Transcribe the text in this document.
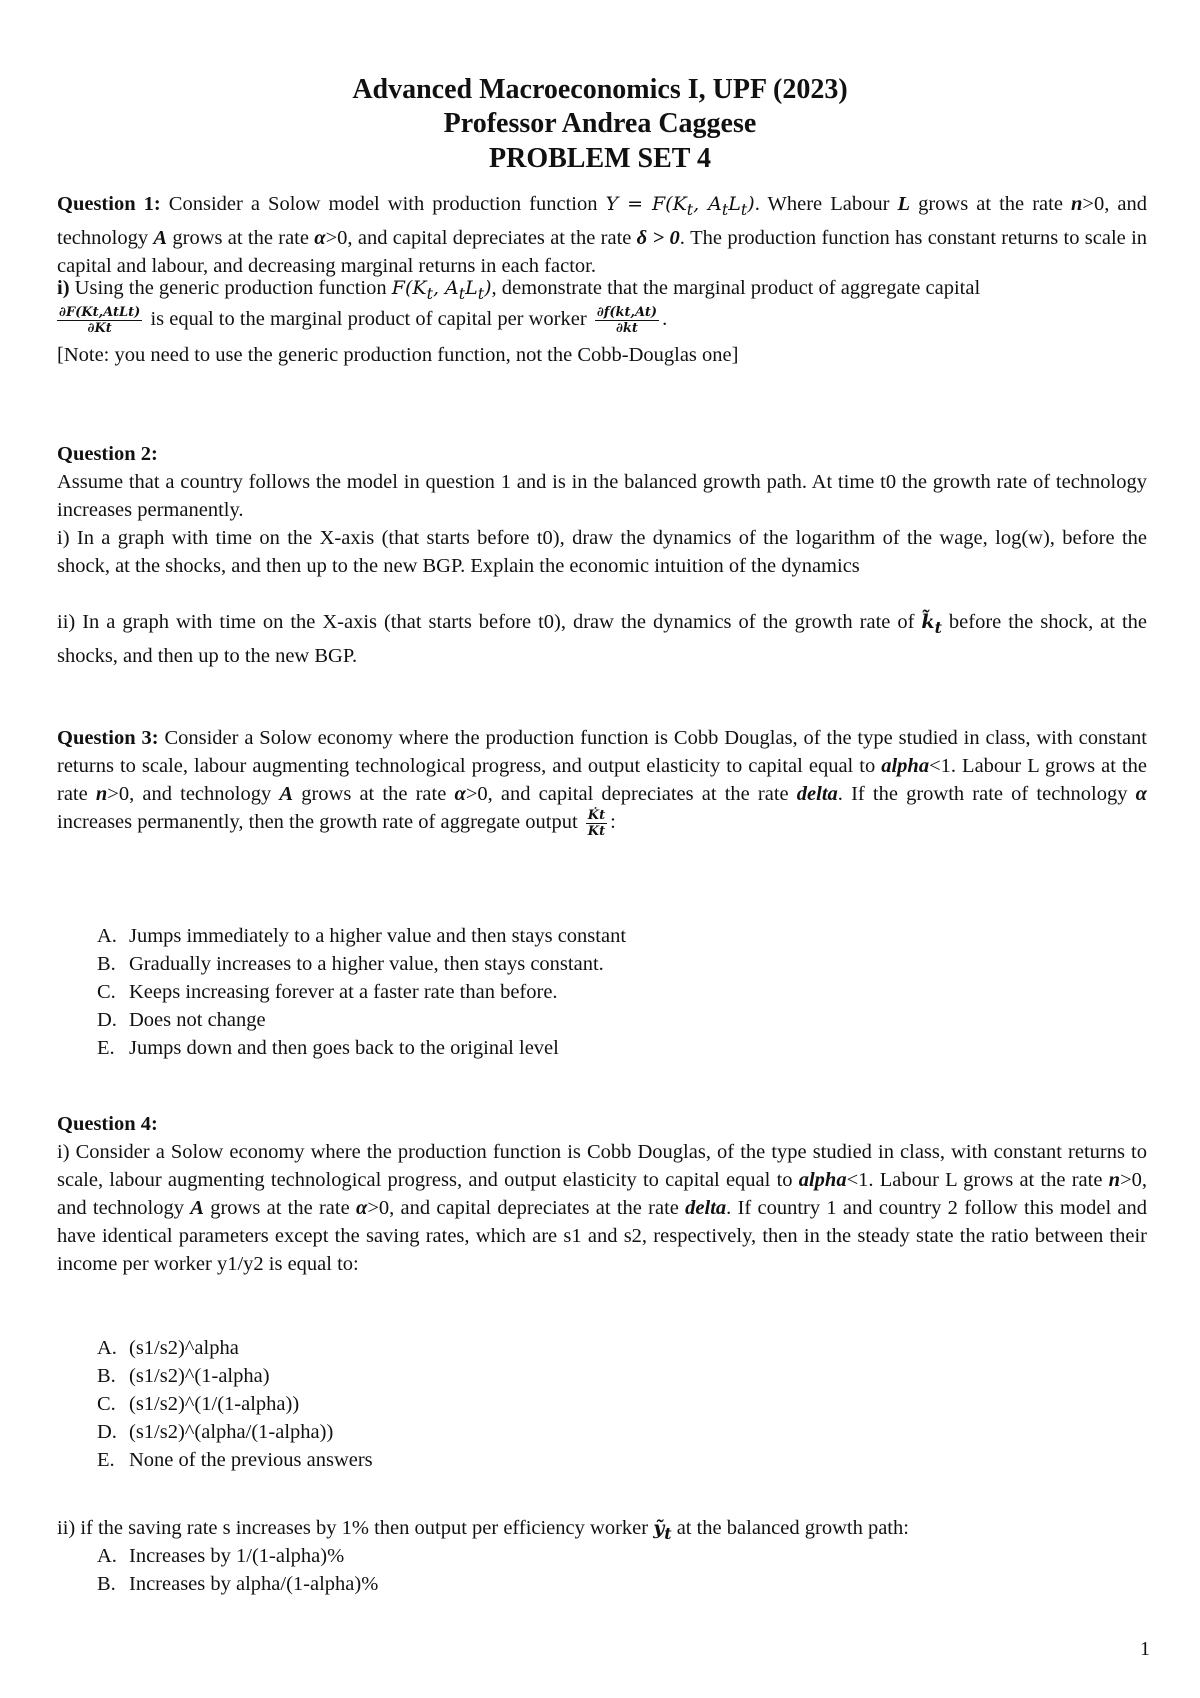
Advanced Macroeconomics I, UPF (2023)
Professor Andrea Caggese
PROBLEM SET 4
Question 1: Consider a Solow model with production function $Y = F(K_t$, $A_tL_t$). Where Labour L grows at the rate n>0, and technology A grows at the rate α>0, and capital depreciates at the rate δ > 0. The production function has constant returns to scale in capital and labour, and decreasing marginal returns in each factor.
i) Using the generic production function $F(K_t$, $A_tL_t$), demonstrate that the marginal product of aggregate capital
$\frac{\text{∂F(Kt,AtLt)}}{\partial Kt}$ is equal to the marginal product of capital per worker $\frac{\partial f(kt,At)}{\partial kt}$ .
[Note: you need to use the generic production function, not the Cobb-Douglas one]
Question 2:
Assume that a country follows the model in question 1 and is in the balanced growth path. At time t0 the growth rate of technology increases permanently.
i) In a graph with time on the X-axis (that starts before t0), draw the dynamics of the logarithm of the wage, log(w), before the shock, at the shocks, and then up to the new BGP. Explain the economic intuition of the dynamics
ii) In a graph with time on the X-axis (that starts before t0), draw the dynamics of the growth rate of $k̃_t$ before the shock, at the shocks, and then up to the new BGP.
Question 3: Consider a Solow economy where the production function is Cobb Douglas, of the type studied in class, with constant returns to scale, labour augmenting technological progress, and output elasticity to capital equal to alpha<1. Labour L grows at the rate n>0, and technology A grows at the rate α>0, and capital depreciates at the rate delta. If the growth rate of technology α increases permanently, then the growth rate of aggregate output $\frac{K̇t}{Kt}$ :
A. Jumps immediately to a higher value and then stays constant
B. Gradually increases to a higher value, then stays constant.
C. Keeps increasing forever at a faster rate than before.
D. Does not change
E. Jumps down and then goes back to the original level
Question 4:
i) Consider a Solow economy where the production function is Cobb Douglas, of the type studied in class, with constant returns to scale, labour augmenting technological progress, and output elasticity to capital equal to alpha<1. Labour L grows at the rate n>0, and technology A grows at the rate α>0, and capital depreciates at the rate delta. If country 1 and country 2 follow this model and have identical parameters except the saving rates, which are s1 and s2, respectively, then in the steady state the ratio between their income per worker y1/y2 is equal to:
A. (s1/s2)^alpha
B. (s1/s2)^(1-alpha)
C. (s1/s2)^(1/(1-alpha))
D. (s1/s2)^(alpha/(1-alpha))
E. None of the previous answers
ii) if the saving rate s increases by 1% then output per efficiency worker ỹ$_t$ at the balanced growth path:
A. Increases by 1/(1-alpha)%
B. Increases by alpha/(1-alpha)%
1
